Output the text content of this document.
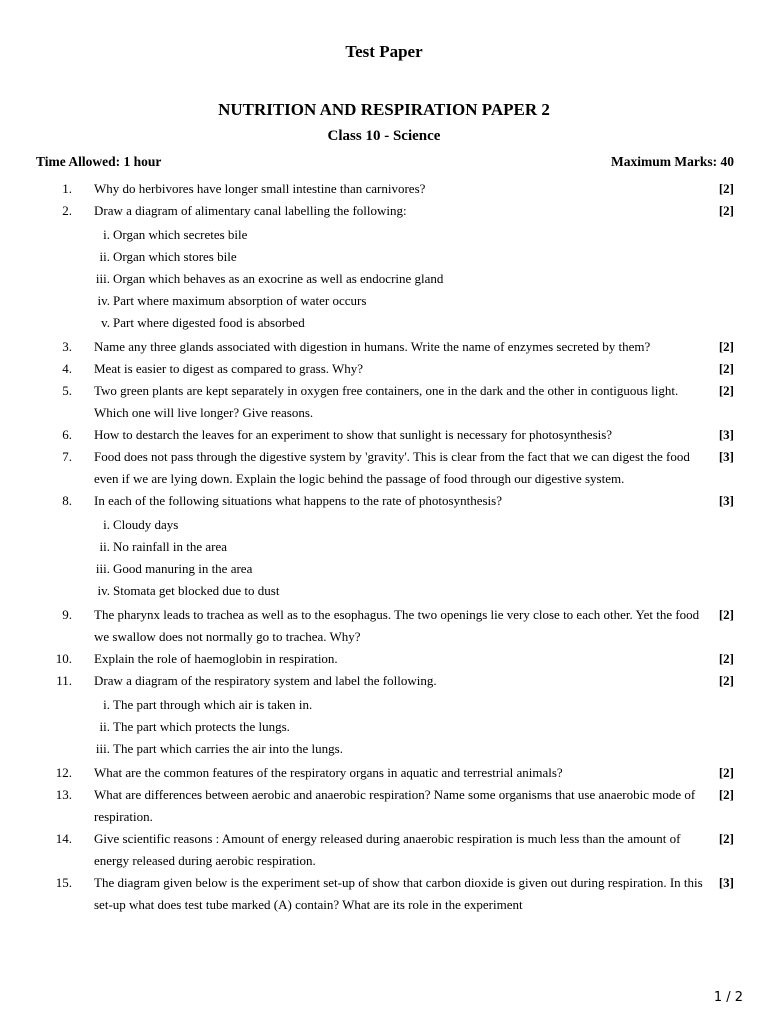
Test Paper
NUTRITION AND RESPIRATION PAPER 2
Class 10 - Science
Time Allowed: 1 hour	Maximum Marks: 40
1. Why do herbivores have longer small intestine than carnivores?	[2]
2. Draw a diagram of alimentary canal labelling the following:	[2]
i. Organ which secretes bile
ii. Organ which stores bile
iii. Organ which behaves as an exocrine as well as endocrine gland
iv. Part where maximum absorption of water occurs
v. Part where digested food is absorbed
3. Name any three glands associated with digestion in humans. Write the name of enzymes secreted by them?	[2]
4. Meat is easier to digest as compared to grass. Why?	[2]
5. Two green plants are kept separately in oxygen free containers, one in the dark and the other in contiguous light. Which one will live longer? Give reasons.
[2]
6. How to destarch the leaves for an experiment to show that sunlight is necessary for photosynthesis?	[3]
7. Food does not pass through the digestive system by 'gravity'. This is clear from the fact that we can digest the food even if we are lying down. Explain the logic behind the passage of food through our digestive system.
[3]
8. In each of the following situations what happens to the rate of photosynthesis?	[3]
i. Cloudy days
ii. No rainfall in the area
iii. Good manuring in the area
iv. Stomata get blocked due to dust
9. The pharynx leads to trachea as well as to the esophagus. The two openings lie very close to each other. Yet the food we swallow does not normally go to trachea. Why?
[2]
10. Explain the role of haemoglobin in respiration.	[2]
11. Draw a diagram of the respiratory system and label the following.	[2]
i. The part through which air is taken in.
ii. The part which protects the lungs.
iii. The part which carries the air into the lungs.
12. What are the common features of the respiratory organs in aquatic and terrestrial animals?	[2]
13. What are differences between aerobic and anaerobic respiration? Name some organisms that use anaerobic mode of respiration.
[2]
14. Give scientific reasons : Amount of energy released during anaerobic respiration is much less than the amount of energy released during aerobic respiration.
[2]
15. The diagram given below is the experiment set-up of show that carbon dioxide is given out during respiration. In this set-up what does test tube marked (A) contain? What are its role in the experiment
[3]
1 / 2
